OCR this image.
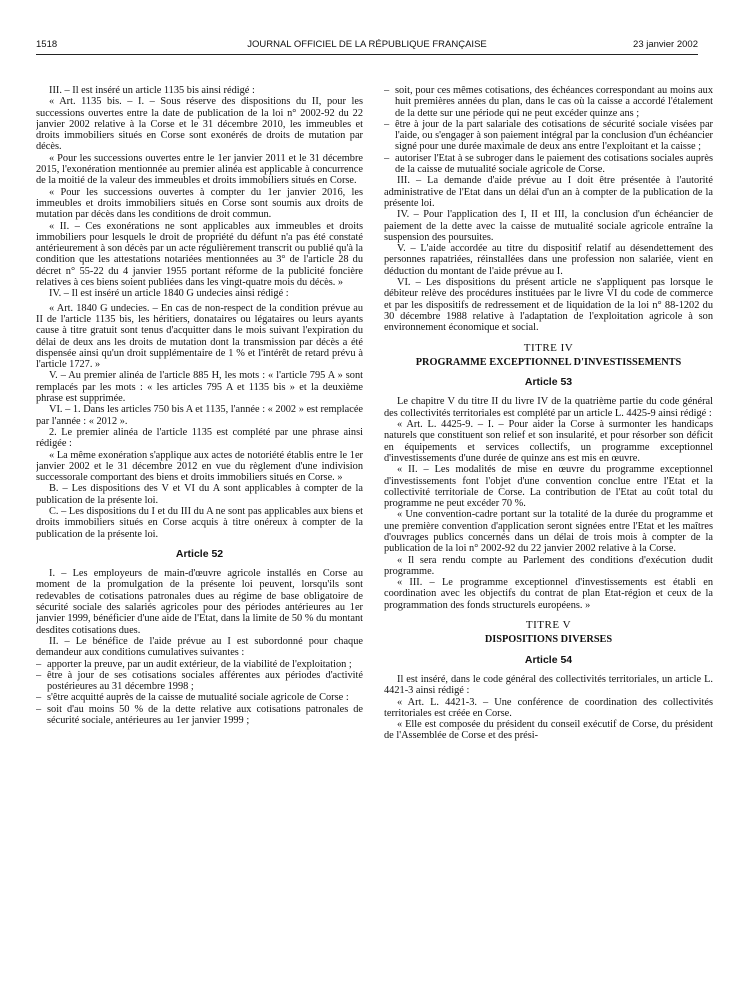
1518	JOURNAL OFFICIEL DE LA RÉPUBLIQUE FRANÇAISE	23 janvier 2002

III. – Il est inséré un article 1135 bis ainsi rédigé :

« Art. 1135 bis. – I. – Sous réserve des dispositions du II, pour les successions ouvertes entre la date de publication de la loi n° 2002-92 du 22 janvier 2002 relative à la Corse et le 31 décembre 2010, les immeubles et droits immobiliers situés en Corse sont exonérés de droits de mutation par décès.

« Pour les successions ouvertes entre le 1er janvier 2011 et le 31 décembre 2015, l'exonération mentionnée au premier alinéa est applicable à concurrence de la moitié de la valeur des immeubles et droits immobiliers situés en Corse.

« Pour les successions ouvertes à compter du 1er janvier 2016, les immeubles et droits immobiliers situés en Corse sont soumis aux droits de mutation par décès dans les conditions de droit commun.

« II. – Ces exonérations ne sont applicables aux immeubles et droits immobiliers pour lesquels le droit de propriété du défunt n'a pas été constaté antérieurement à son décès par un acte régulièrement transcrit ou publié qu'à la condition que les attestations notariées mentionnées au 3° de l'article 28 du décret n° 55-22 du 4 janvier 1955 portant réforme de la publicité foncière relatives à ces biens soient publiées dans les vingt-quatre mois du décès. »

IV. – Il est inséré un article 1840 G undecies ainsi rédigé :

« Art. 1840 G undecies. – En cas de non-respect de la condition prévue au II de l'article 1135 bis, les héritiers, donataires ou légataires ou leurs ayants cause à titre gratuit sont tenus d'acquitter dans le mois suivant l'expiration du délai de deux ans les droits de mutation dont la transmission par décès a été dispensée ainsi qu'un droit supplémentaire de 1 % et l'intérêt de retard prévu à l'article 1727. »

V. – Au premier alinéa de l'article 885 H, les mots : « l'article 795 A » sont remplacés par les mots : « les articles 795 A et 1135 bis » et la deuxième phrase est supprimée.

VI. – 1. Dans les articles 750 bis A et 1135, l'année : « 2002 » est remplacée par l'année : « 2012 ».

2. Le premier alinéa de l'article 1135 est complété par une phrase ainsi rédigée :

« La même exonération s'applique aux actes de notoriété établis entre le 1er janvier 2002 et le 31 décembre 2012 en vue du règlement d'une indivision successorale comportant des biens et droits immobiliers situés en Corse. »

B. – Les dispositions des V et VI du A sont applicables à compter de la publication de la présente loi.

C. – Les dispositions du I et du III du A ne sont pas applicables aux biens et droits immobiliers situés en Corse acquis à titre onéreux à compter de la publication de la présente loi.

Article 52

I. – Les employeurs de main-d'œuvre agricole installés en Corse au moment de la promulgation de la présente loi peuvent, lorsqu'ils sont redevables de cotisations patronales dues au régime de base obligatoire de sécurité sociale des salariés agricoles pour des périodes antérieures au 1er janvier 1999, bénéficier d'une aide de l'Etat, dans la limite de 50 % du montant desdites cotisations dues.

II. – Le bénéfice de l'aide prévue au I est subordonné pour chaque demandeur aux conditions cumulatives suivantes :

– apporter la preuve, par un audit extérieur, de la viabilité de l'exploitation ;

– être à jour de ses cotisations sociales afférentes aux périodes d'activité postérieures au 31 décembre 1998 ;

– s'être acquitté auprès de la caisse de mutualité sociale agricole de Corse :

– soit d'au moins 50 % de la dette relative aux cotisations patronales de sécurité sociale, antérieures au 1er janvier 1999 ;

– soit, pour ces mêmes cotisations, des échéances correspondant au moins aux huit premières années du plan, dans le cas où la caisse a accordé l'étalement de la dette sur une période qui ne peut excéder quinze ans ;

– être à jour de la part salariale des cotisations de sécurité sociale visées par l'aide, ou s'engager à son paiement intégral par la conclusion d'un échéancier signé pour une durée maximale de deux ans entre l'exploitant et la caisse ;

– autoriser l'Etat à se subroger dans le paiement des cotisations sociales auprès de la caisse de mutualité sociale agricole de Corse.

III. – La demande d'aide prévue au I doit être présentée à l'autorité administrative de l'Etat dans un délai d'un an à compter de la publication de la présente loi.

IV. – Pour l'application des I, II et III, la conclusion d'un échéancier de paiement de la dette avec la caisse de mutualité sociale agricole entraîne la suspension des poursuites.

V. – L'aide accordée au titre du dispositif relatif au désendettement des personnes rapatriées, réinstallées dans une profession non salariée, vient en déduction du montant de l'aide prévue au I.

VI. – Les dispositions du présent article ne s'appliquent pas lorsque le débiteur relève des procédures instituées par le livre VI du code de commerce et par les dispositifs de redressement et de liquidation de la loi n° 88-1202 du 30 décembre 1988 relative à l'adaptation de l'exploitation agricole à son environnement économique et social.

TITRE IV
PROGRAMME EXCEPTIONNEL D'INVESTISSEMENTS
Article 53

Le chapitre V du titre II du livre IV de la quatrième partie du code général des collectivités territoriales est complété par un article L. 4425-9 ainsi rédigé :

« Art. L. 4425-9. – I. – Pour aider la Corse à surmonter les handicaps naturels que constituent son relief et son insularité, et pour résorber son déficit en équipements et services collectifs, un programme exceptionnel d'investissements d'une durée de quinze ans est mis en œuvre.

« II. – Les modalités de mise en œuvre du programme exceptionnel d'investissements font l'objet d'une convention conclue entre l'Etat et la collectivité territoriale de Corse. La contribution de l'Etat au coût total du programme ne peut excéder 70 %.

« Une convention-cadre portant sur la totalité de la durée du programme et une première convention d'application seront signées entre l'Etat et les maîtres d'ouvrages publics concernés dans un délai de trois mois à compter de la publication de la loi n° 2002-92 du 22 janvier 2002 relative à la Corse.

« Il sera rendu compte au Parlement des conditions d'exécution dudit programme.

« III. – Le programme exceptionnel d'investissements est établi en coordination avec les objectifs du contrat de plan Etat-région et ceux de la programmation des fonds structurels européens. »

TITRE V
DISPOSITIONS DIVERSES
Article 54

Il est inséré, dans le code général des collectivités territoriales, un article L. 4421-3 ainsi rédigé :

« Art. L. 4421-3. – Une conférence de coordination des collectivités territoriales est créée en Corse.

« Elle est composée du président du conseil exécutif de Corse, du président de l'Assemblée de Corse et des prési-
